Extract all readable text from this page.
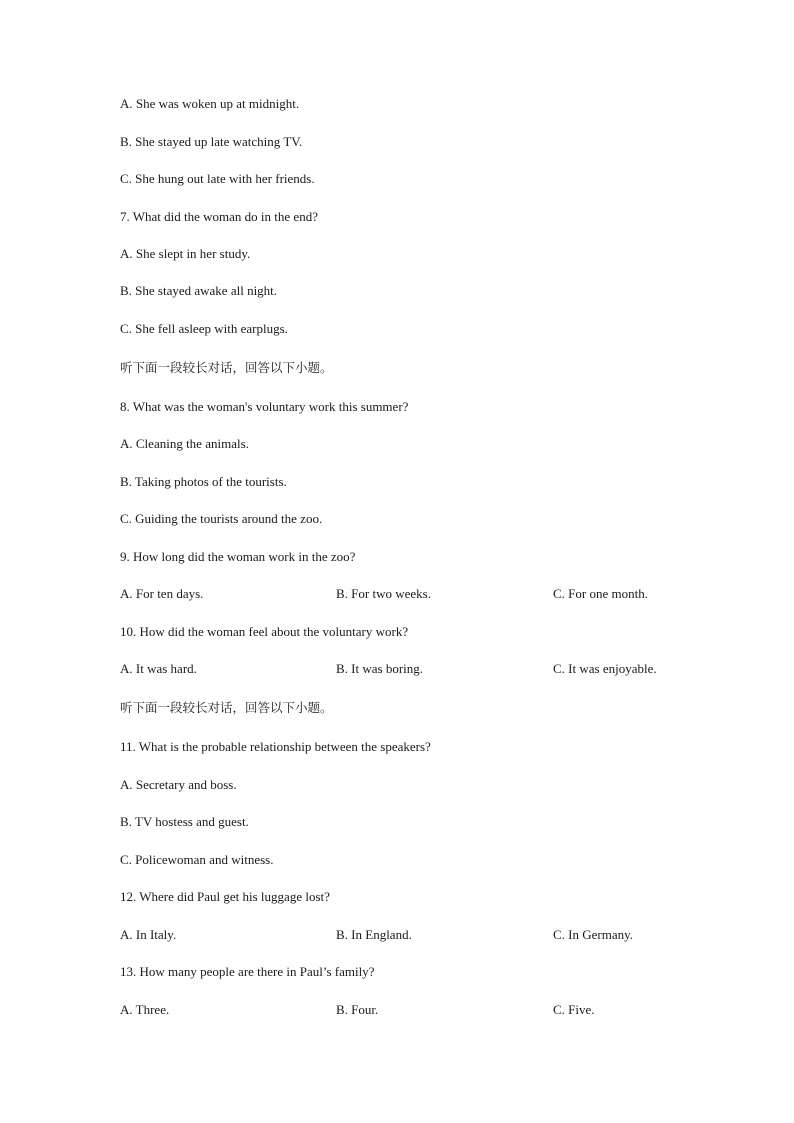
A. She was woken up at midnight.
B. She stayed up late watching TV.
C. She hung out late with her friends.
7. What did the woman do in the end?
A. She slept in her study.
B. She stayed awake all night.
C. She fell asleep with earplugs.
听下面一段较长对话，回答以下小题。
8. What was the woman's voluntary work this summer?
A. Cleaning the animals.
B. Taking photos of the tourists.
C. Guiding the tourists around the zoo.
9. How long did the woman work in the zoo?
A. For ten days.	B. For two weeks.	C. For one month.
10. How did the woman feel about the voluntary work?
A. It was hard.	B. It was boring.	C. It was enjoyable.
听下面一段较长对话，回答以下小题。
11. What is the probable relationship between the speakers?
A. Secretary and boss.
B. TV hostess and guest.
C. Policewoman and witness.
12. Where did Paul get his luggage lost?
A. In Italy.	B. In England.	C. In Germany.
13. How many people are there in Paul’s family?
A. Three.	B. Four.	C. Five.
